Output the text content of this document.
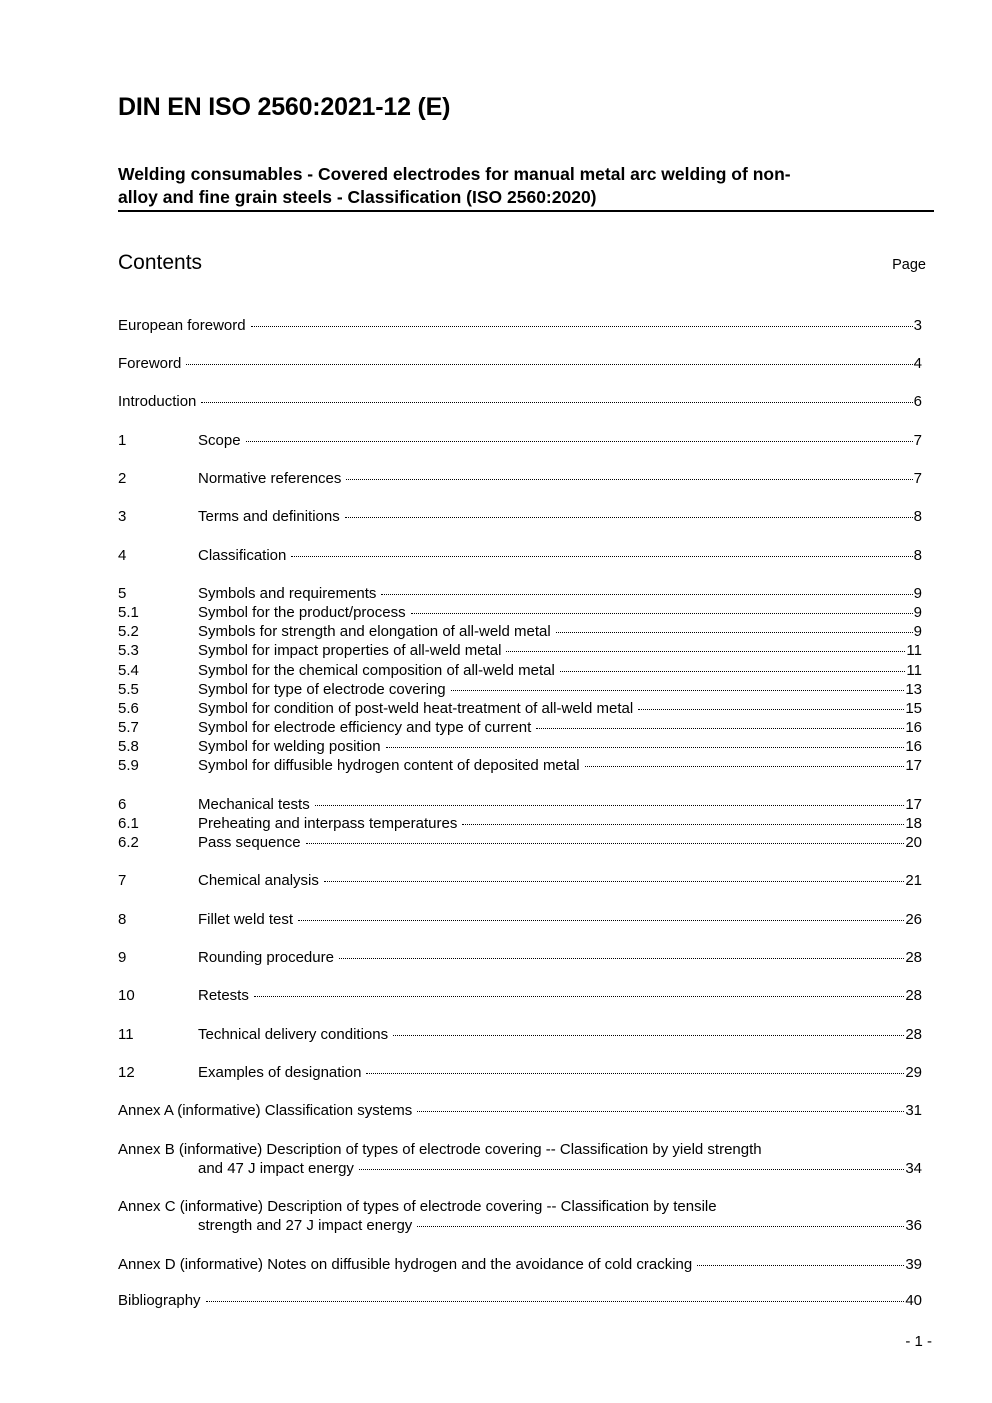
DIN EN ISO 2560:2021-12 (E)
Welding consumables - Covered electrodes for manual metal arc welding of non-
alloy and fine grain steels - Classification (ISO 2560:2020)
Contents	Page
European foreword	3
Foreword	4
Introduction	6
1	Scope	7
2	Normative references	7
3	Terms and definitions	8
4	Classification	8
5	Symbols and requirements	9
5.1	Symbol for the product/process	9
5.2	Symbols for strength and elongation of all-weld metal	9
5.3	Symbol for impact properties of all-weld metal	11
5.4	Symbol for the chemical composition of all-weld metal	11
5.5	Symbol for type of electrode covering	13
5.6	Symbol for condition of post-weld heat-treatment of all-weld metal	15
5.7	Symbol for electrode efficiency and type of current	16
5.8	Symbol for welding position	16
5.9	Symbol for diffusible hydrogen content of deposited metal	17
6	Mechanical tests	17
6.1	Preheating and interpass temperatures	18
6.2	Pass sequence	20
7	Chemical analysis	21
8	Fillet weld test	26
9	Rounding procedure	28
10	Retests	28
11	Technical delivery conditions	28
12	Examples of designation	29
Annex A (informative) Classification systems	31
Annex B (informative) Description of types of electrode covering -- Classification by yield strength
and 47 J impact energy	34
Annex C (informative) Description of types of electrode covering -- Classification by tensile
strength and 27 J impact energy	36
Annex D (informative) Notes on diffusible hydrogen and the avoidance of cold cracking	39
Bibliography	40
- 1 -
